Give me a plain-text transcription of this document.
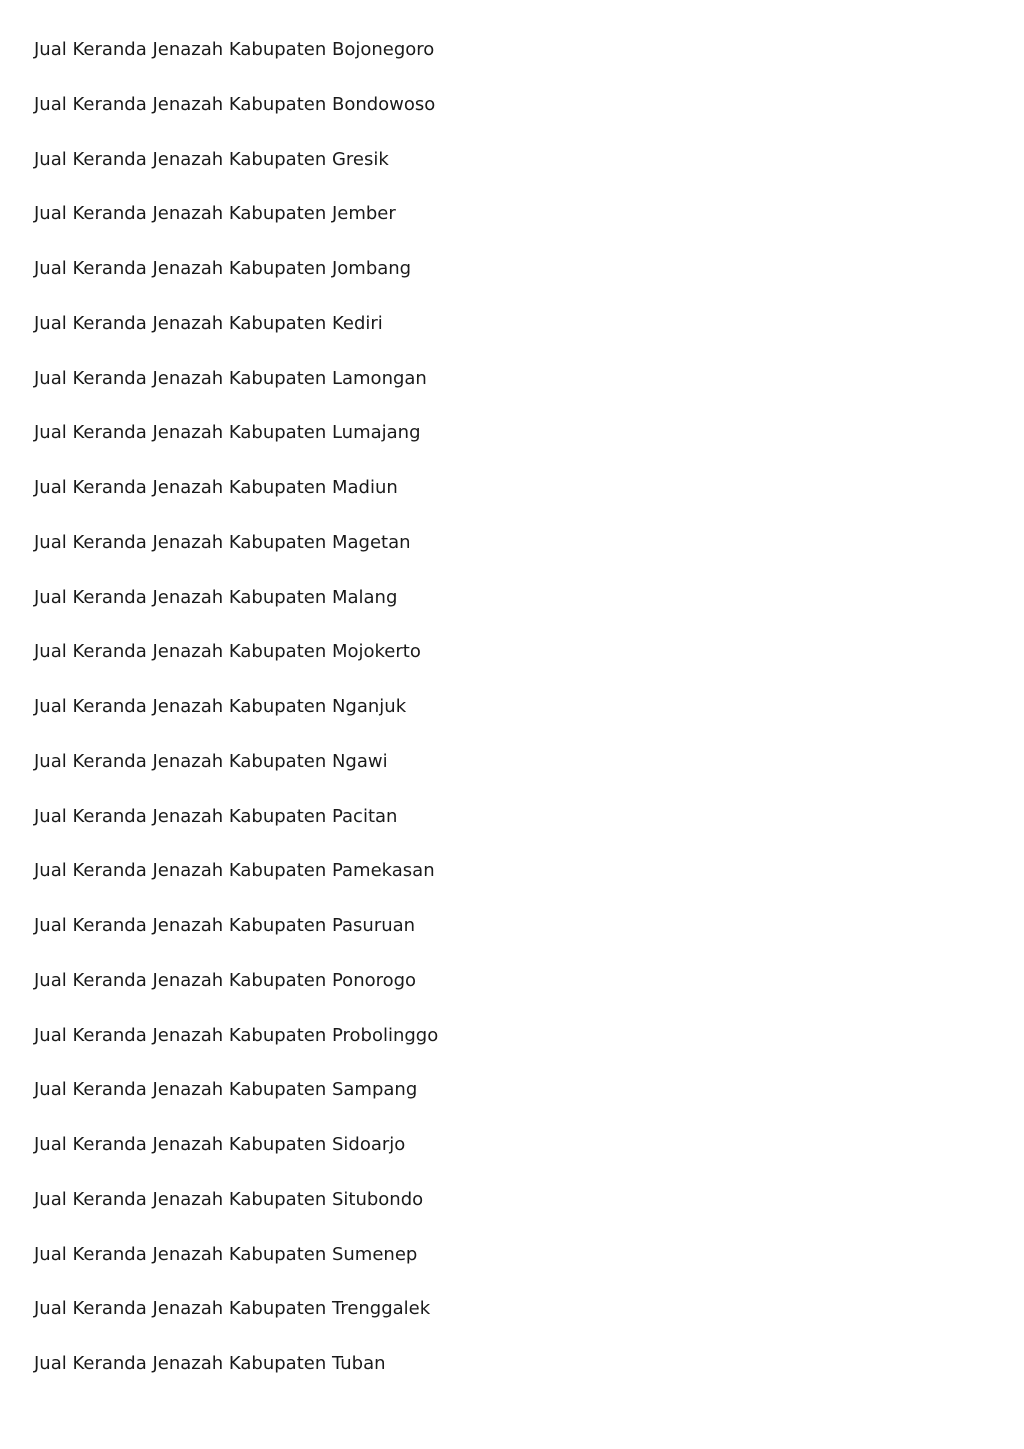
Jual Keranda Jenazah Kabupaten Bojonegoro
Jual Keranda Jenazah Kabupaten Bondowoso
Jual Keranda Jenazah Kabupaten Gresik
Jual Keranda Jenazah Kabupaten Jember
Jual Keranda Jenazah Kabupaten Jombang
Jual Keranda Jenazah Kabupaten Kediri
Jual Keranda Jenazah Kabupaten Lamongan
Jual Keranda Jenazah Kabupaten Lumajang
Jual Keranda Jenazah Kabupaten Madiun
Jual Keranda Jenazah Kabupaten Magetan
Jual Keranda Jenazah Kabupaten Malang
Jual Keranda Jenazah Kabupaten Mojokerto
Jual Keranda Jenazah Kabupaten Nganjuk
Jual Keranda Jenazah Kabupaten Ngawi
Jual Keranda Jenazah Kabupaten Pacitan
Jual Keranda Jenazah Kabupaten Pamekasan
Jual Keranda Jenazah Kabupaten Pasuruan
Jual Keranda Jenazah Kabupaten Ponorogo
Jual Keranda Jenazah Kabupaten Probolinggo
Jual Keranda Jenazah Kabupaten Sampang
Jual Keranda Jenazah Kabupaten Sidoarjo
Jual Keranda Jenazah Kabupaten Situbondo
Jual Keranda Jenazah Kabupaten Sumenep
Jual Keranda Jenazah Kabupaten Trenggalek
Jual Keranda Jenazah Kabupaten Tuban
